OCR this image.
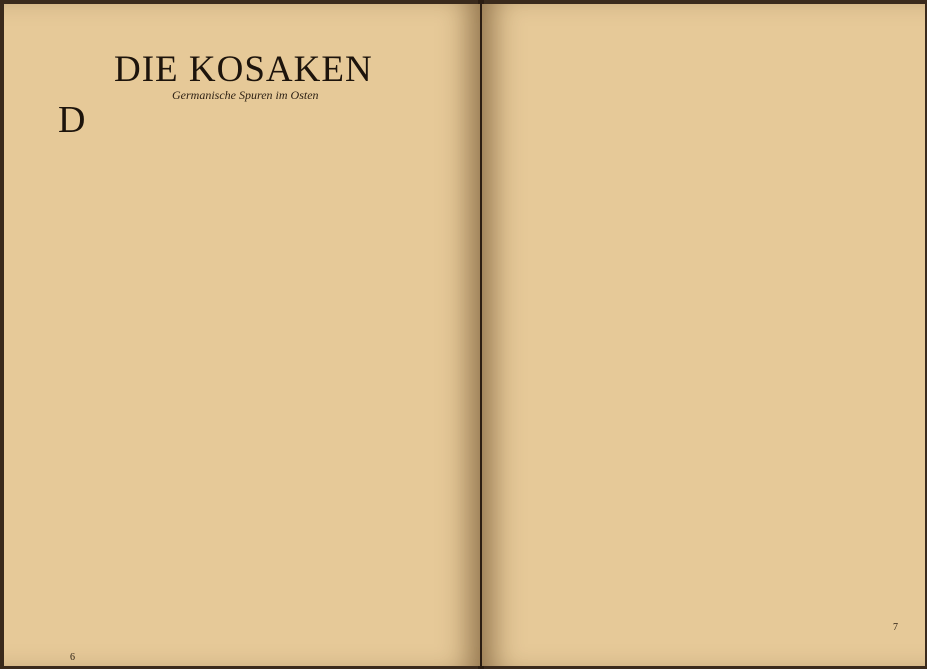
DIE KOSAKEN
Germanische Spuren im Osten
D

6

7
